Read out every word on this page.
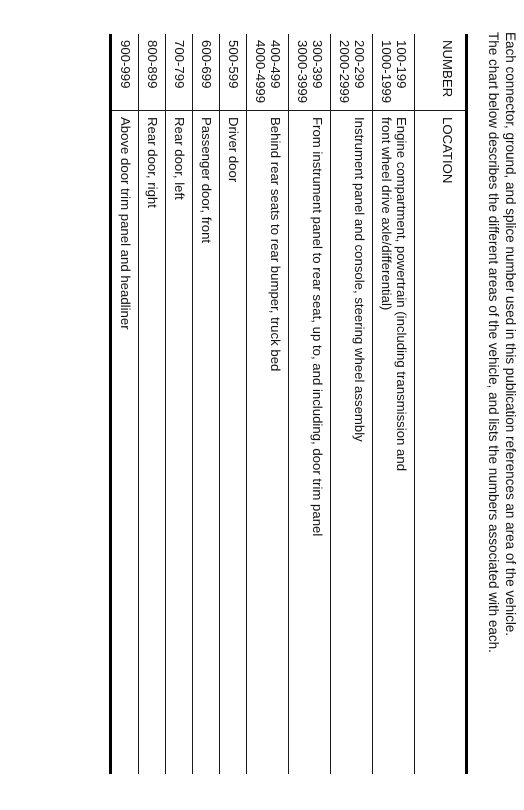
Each connector, ground, and splice number used in this publication references an area of the vehicle.

The chart below describes the different areas of the vehicle, and lists the numbers associated with each.

NUMBER	LOCATION

100-199
1000-1999	Engine compartment, powertrain (including transmission and
front wheel drive axle/differential)

200-299
2000-2999	Instrument panel and console, steering wheel assembly

300-399
3000-3999	From instrument panel to rear seat, up to, and including, door trim panel

400-499
4000-4999	Behind rear seats to rear bumper, truck bed

500-599	Driver door

600-699	Passenger door, front

700-799	Rear door, left

800-899	Rear door, right

900-999	Above door trim panel and headliner
